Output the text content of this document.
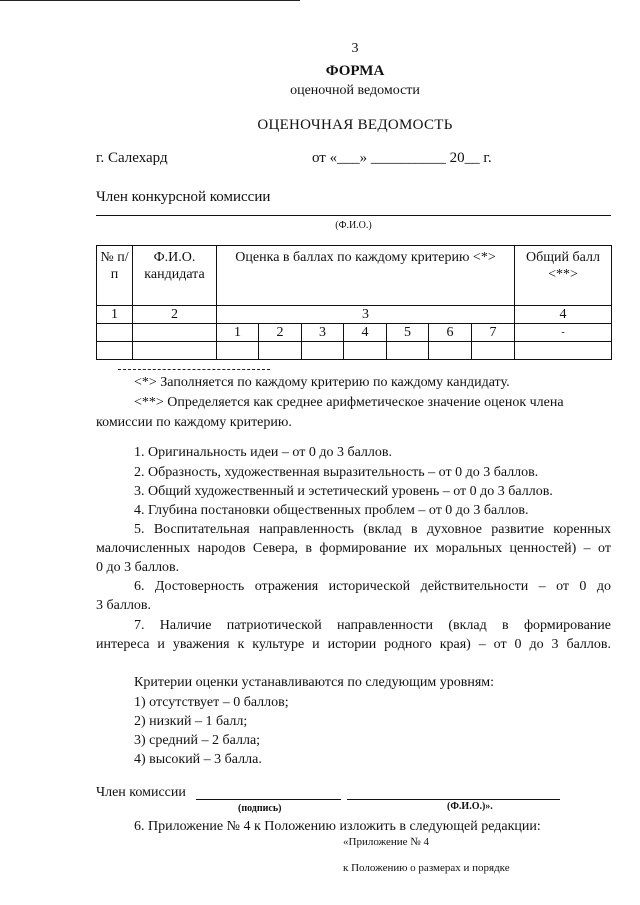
3
ФОРМА
оценочной ведомости
ОЦЕНОЧНАЯ ВЕДОМОСТЬ
г. Салехард	от «___» __________ 20__ г.
Член конкурсной комиссии
(Ф.И.О.)
№ п/п	Ф.И.О. кандидата	Оценка в баллах по каждому критерию <*>							Общий балл <**>
1	2	3							4
		1	2	3	4	5	6	7	-

<*> Заполняется по каждому критерию по каждому кандидату.
<**> Определяется как среднее арифметическое значение оценок члена
комиссии по каждому критерию.
1. Оригинальность идеи – от 0 до 3 баллов.
2. Образность, художественная выразительность – от 0 до 3 баллов.
3. Общий художественный и эстетический уровень – от 0 до 3 баллов.
4. Глубина постановки общественных проблем – от 0 до 3 баллов.
5. Воспитательная направленность (вклад в духовное развитие коренных
малочисленных народов Севера, в формирование их моральных ценностей) – от
0 до 3 баллов.
6. Достоверность отражения исторической действительности – от 0 до
3 баллов.
7. Наличие патриотической направленности (вклад в формирование
интереса и уважения к культуре и истории родного края) – от 0 до 3 баллов.
Критерии оценки устанавливаются по следующим уровням:
1) отсутствует – 0 баллов;
2) низкий – 1 балл;
3) средний – 2 балла;
4) высокий – 3 балла.
Член комиссии
(подпись)	(Ф.И.О.)».
6. Приложение № 4 к Положению изложить в следующей редакции:
«Приложение № 4
к Положению о размерах и порядке
